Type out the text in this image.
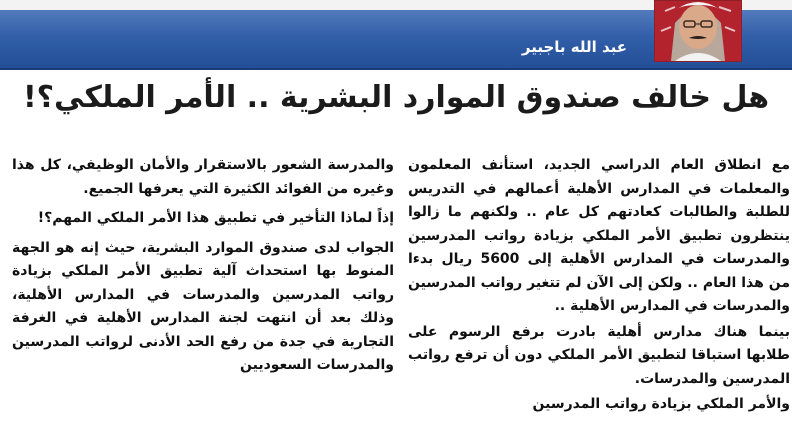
عبد الله باجبير
هل خالف صندوق الموارد البشرية .. الأمر الملكي؟!

مع انطلاق العام الدراسي الجديد، استأنف المعلمون والمعلمات في المدارس الأهلية أعمالهم في التدريس للطلبة والطالبات كعادتهم كل عام .. ولكنهم ما زالوا ينتظرون تطبيق الأمر الملكي بزيادة رواتب المدرسين والمدرسات في المدارس الأهلية إلى 5600 ريال بدءا من هذا العام .. ولكن إلى الآن لم تتغير رواتب المدرسين والمدرسات في المدارس الأهلية ..

بينما هناك مدارس أهلية بادرت برفع الرسوم على طلابها استباقا لتطبيق الأمر الملكي دون أن ترفع رواتب المدرسين والمدرسات.

والأمر الملكي بزيادة رواتب المدرسين

والمدرسة الشعور بالاستقرار والأمان الوظيفي، كل هذا وغيره من الفوائد الكثيرة التي يعرفها الجميع.

إذاً لماذا التأخير في تطبيق هذا الأمر الملكي المهم؟!

الجواب لدى صندوق الموارد البشرية، حيث إنه هو الجهة المنوط بها استحداث آلية تطبيق الأمر الملكي بزيادة رواتب المدرسين والمدرسات في المدارس الأهلية، وذلك بعد أن انتهت لجنة المدارس الأهلية في الغرفة التجارية في جدة من رفع الحد الأدنى لرواتب المدرسين والمدرسات السعوديين
